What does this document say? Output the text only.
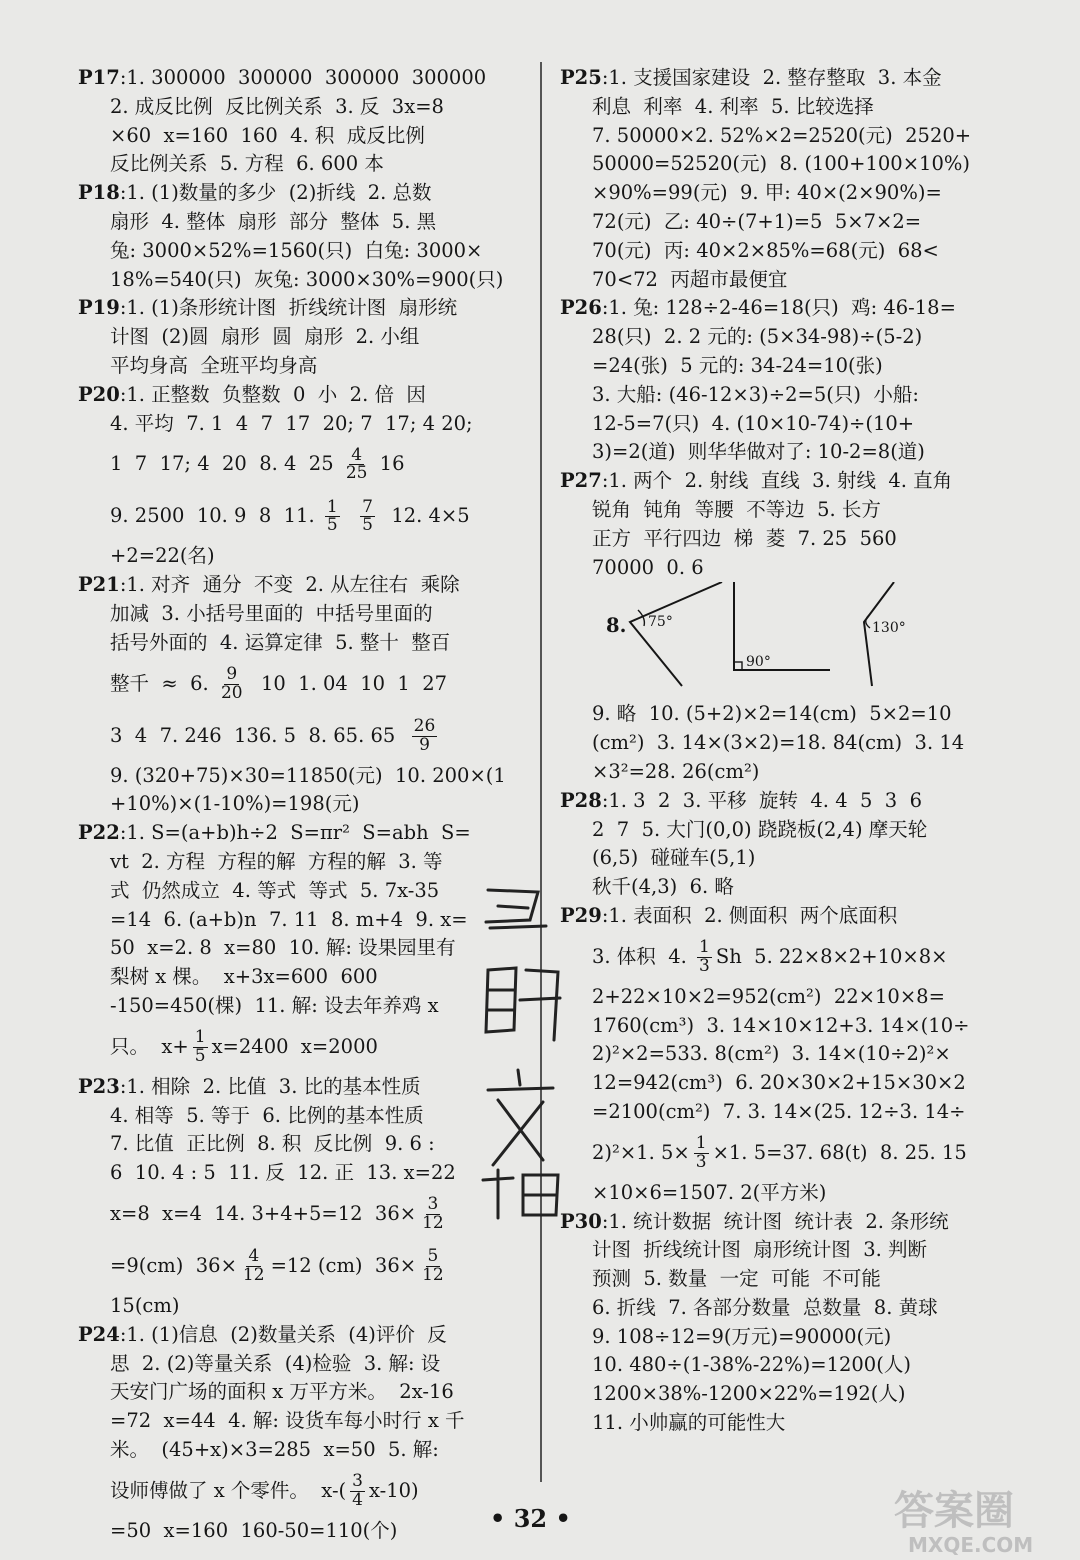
P17:1. 300000  300000  300000  300000
2. 成反比例  反比例关系  3. 反  3x=8
×60  x=160  160  4. 积  成反比例
反比例关系  5. 方程  6. 600 本
P18:1. (1)数量的多少  (2)折线  2. 总数
扇形  4. 整体  扇形  部分  整体  5. 黑
兔: 3000×52%=1560(只)  白兔: 3000×
18%=540(只)  灰兔: 3000×30%=900(只)
P19:1. (1)条形统计图  折线统计图  扇形统
计图  (2)圆  扇形  圆  扇形  2. 小组
平均身高  全班平均身高
P20:1. 正整数  负整数  0  小  2. 倍  因
4. 平均  7. 1  4  7  17  20; 7  17; 4 20;
1  7  17; 4  20  8. 4  $25 \frac{4}{25} 16$
9. 2500  10. 9  8  11. $\frac{1}{5}$
$\frac{7}{5} 12$. 4×5
+2=22(名)
P21:1. 对齐  通分  不变  2. 从左往右  乘除
加减  3. 小括号里面的  中括号里面的
括号外面的  4. 运算定律  5. 整十  整百
整千  ≈  6. $\frac{9}{20} 10$  1. 04  10  1  27
3  4  7. 246  136. 5  8. 65. $65 \frac{26}{9}$
9. (320+75)×30=11850(元)  10. 200×(1
+10%)×(1-10%)=198(元)
P22:1. S=(a+b)h÷2  S=πr²  S=abh  S=
vt  2. 方程  方程的解  方程的解  3. 等
式  仍然成立  4. 等式  等式  5. 7x-35
=14  6. (a+b)n  7. 11  8. m+4  9. x=
50  x=2. 8  x=80  10. 解: 设果园里有
梨树 x 棵。  x+3x=600  600
-150=450(棵)  11. 解: 设去年养鸡 x
只。  $x+ \frac{1}{5} x=2400$  x=2000
P23:1. 相除  2. 比值  3. 比的基本性质
4. 相等  5. 等于  6. 比例的基本性质
7. 比值  正比例  8. 积  反比例  9. 6 :
6  10. 4 : 5  11. 反  12. 正  13. x=22
x=8  x=4  14. 3+4+5=12  $36\times \frac{3}{12}$
=9(cm)  $36\times \frac{4}{12} =12$ (cm)  $36\times \frac{5}{12}$
15(cm)
P24:1. (1)信息  (2)数量关系  (4)评价  反
思  2. (2)等量关系  (4)检验  3. 解: 设
天安门广场的面积 x 万平方米。  2x-16
=72  x=44  4. 解: 设货车每小时行 x 千
米。  (45+x)×3=285  x=50  5. 解:
设师傅做了 x 个零件。  $x-( \frac{3}{4} x-10)$
=50  x=160  160-50=110(个)
P25:1. 支援国家建设  2. 整存整取  3. 本金
利息  利率  4. 利率  5. 比较选择
7. 50000×2. 52%×2=2520(元)  2520+
50000=52520(元)  8. (100+100×10%)
×90%=99(元)  9. 甲: 40×(2×90%)=
72(元)  乙: 40÷(7+1)=5  5×7×2=
70(元)  丙: 40×2×85%=68(元)  68<
70<72  丙超市最便宜
P26:1. 兔: 128÷2-46=18(只)  鸡: 46-18=
28(只)  2. 2 元的: (5×34-98)÷(5-2)
=24(张)  5 元的: 34-24=10(张)
3. 大船: (46-12×3)÷2=5(只)  小船:
12-5=7(只)  4. (10×10-74)÷(10+
3)=2(道)  则华华做对了: 10-2=8(道)
P27:1. 两个  2. 射线  直线  3. 射线  4. 直角
锐角  钝角  等腰  不等边  5. 长方
正方  平行四边  梯  菱  7. 25  560
70000  0. 6
8. 75°
90°
130°
9. 略  10. (5+2)×2=14(cm)  5×2=10
(cm²)  3. 14×(3×2)=18. 84(cm)  3. 14
×3²=28. 26(cm²)
P28:1. 3  2  3. 平移  旋转  4. 4  5  3  6
2  7  5. 大门(0,0) 跷跷板(2,4) 摩天轮
(6,5)  碰碰车(5,1)
秋千(4,3)  6. 略
P29:1. 表面积  2. 侧面积  两个底面积
3. 体积  4. $\frac{1}{3}$ Sh  5. 22×8×2+10×8×
2+22×10×2=952(cm²)  22×10×8=
1760(cm³)  3. 14×10×12+3. 14×(10÷
2)²×2=533. 8(cm²)  3. 14×(10÷2)²×
12=942(cm³)  6. 20×30×2+15×30×2
=2100(cm²)  7. 3. 14×(25. 12÷3. 14÷
2)²×1. $5\times \frac{1}{3} \times 1$. 5=37. 68(t)  8. 25. 15
×10×6=1507. 2(平方米)
P30:1. 统计数据  统计图  统计表  2. 条形统
计图  折线统计图  扇形统计图  3. 判断
预测  5. 数量  一定  可能  不可能
6. 折线  7. 各部分数量  总数量  8. 黄球
9. 108÷12=9(万元)=90000(元)
10. 480÷(1-38%-22%)=1200(人)
1200×38%-1200×22%=192(人)
11. 小帅赢的可能性大
• 32 •	答案圈
MXQE.COM
